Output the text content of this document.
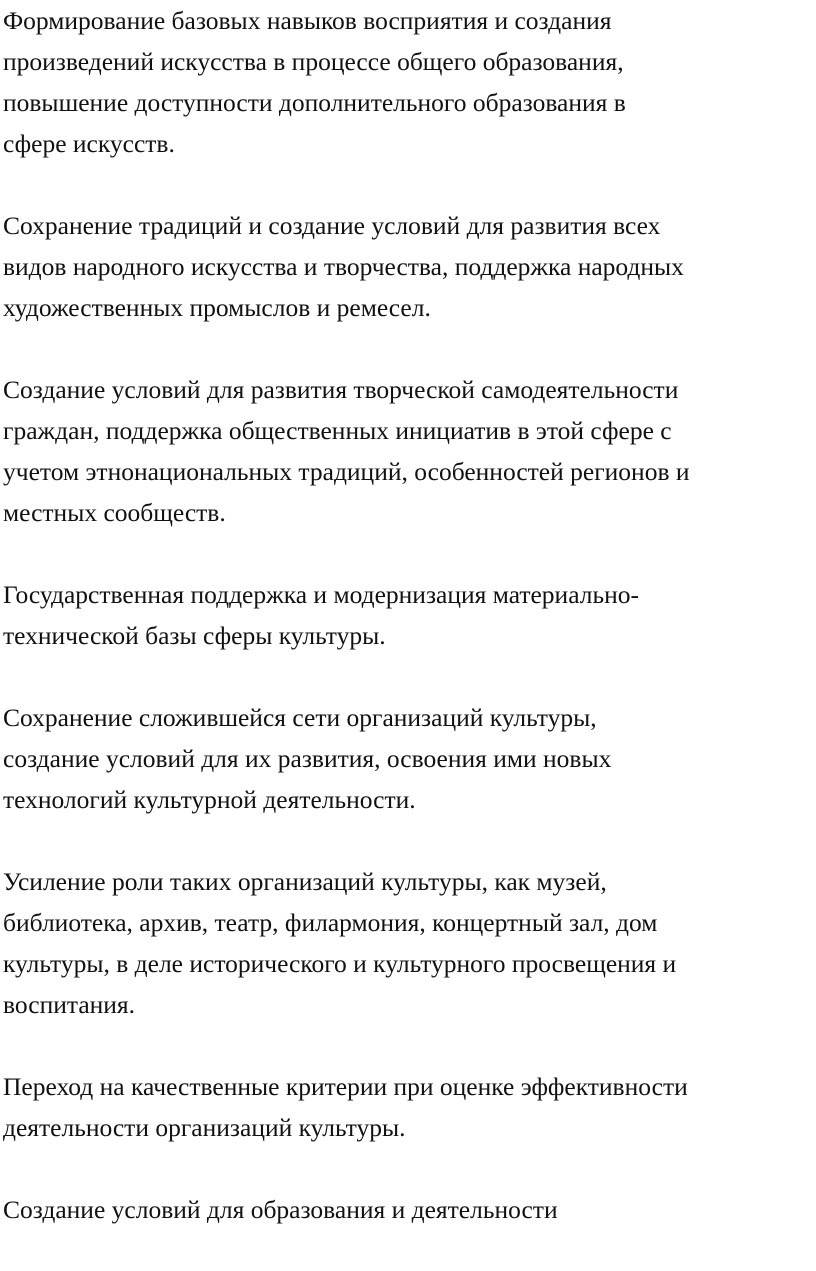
Формирование базовых навыков восприятия и создания
произведений искусства в процессе общего образования,
повышение доступности дополнительного образования в
сфере искусств.

Сохранение традиций и создание условий для развития всех
видов народного искусства и творчества, поддержка народных
художественных промыслов и ремесел.

Создание условий для развития творческой самодеятельности
граждан, поддержка общественных инициатив в этой сфере с
учетом этнонациональных традиций, особенностей регионов и
местных сообществ.

Государственная поддержка и модернизация материально-
технической базы сферы культуры.

Сохранение сложившейся сети организаций культуры,
создание условий для их развития, освоения ими новых
технологий культурной деятельности.

Усиление роли таких организаций культуры, как музей,
библиотека, архив, театр, филармония, концертный зал, дом
культуры, в деле исторического и культурного просвещения и
воспитания.

Переход на качественные критерии при оценке эффективности
деятельности организаций культуры.

Создание условий для образования и деятельности
